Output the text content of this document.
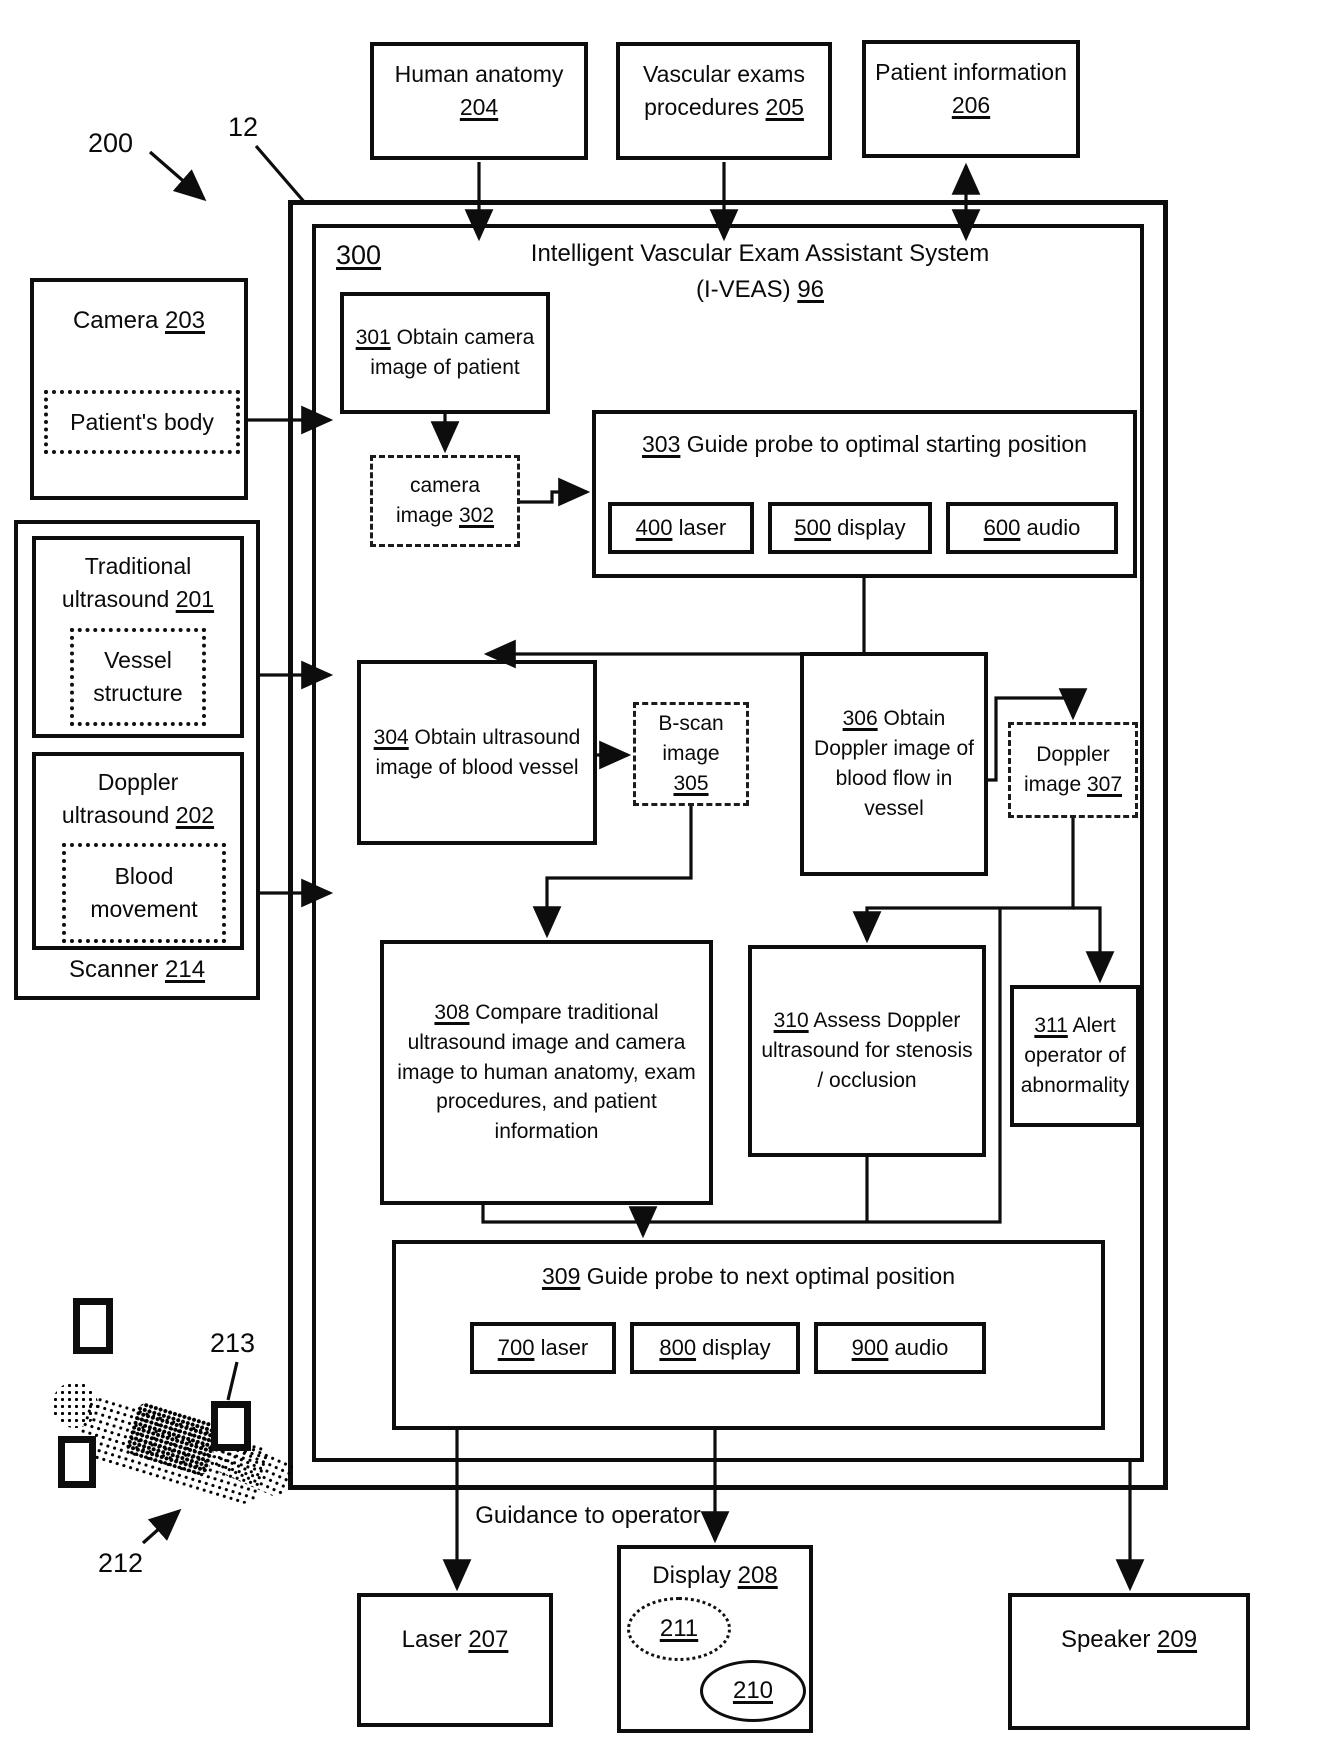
200
12
Human anatomy 204
Vascular exams procedures 205
Patient information 206
300	Intelligent Vascular Exam Assistant System
(I-VEAS) 96
Camera 203
Patient's body
Traditional ultrasound 201
Vessel structure
Doppler ultrasound 202
Blood movement
Scanner 214
301 Obtain camera image of patient
camera image 302
303 Guide probe to optimal starting position
400 laser	500 display	600 audio
304 Obtain ultrasound image of blood vessel
B-scan image 305
306 Obtain Doppler image of blood flow in vessel
Doppler image 307
308 Compare traditional ultrasound image and camera image to human anatomy, exam procedures, and patient information
310 Assess Doppler ultrasound for stenosis / occlusion
311 Alert operator of abnormality
309 Guide probe to next optimal position
700 laser	800 display	900 audio
213
212
Guidance to operator
Laser 207
Display 208
211
210
Speaker 209
